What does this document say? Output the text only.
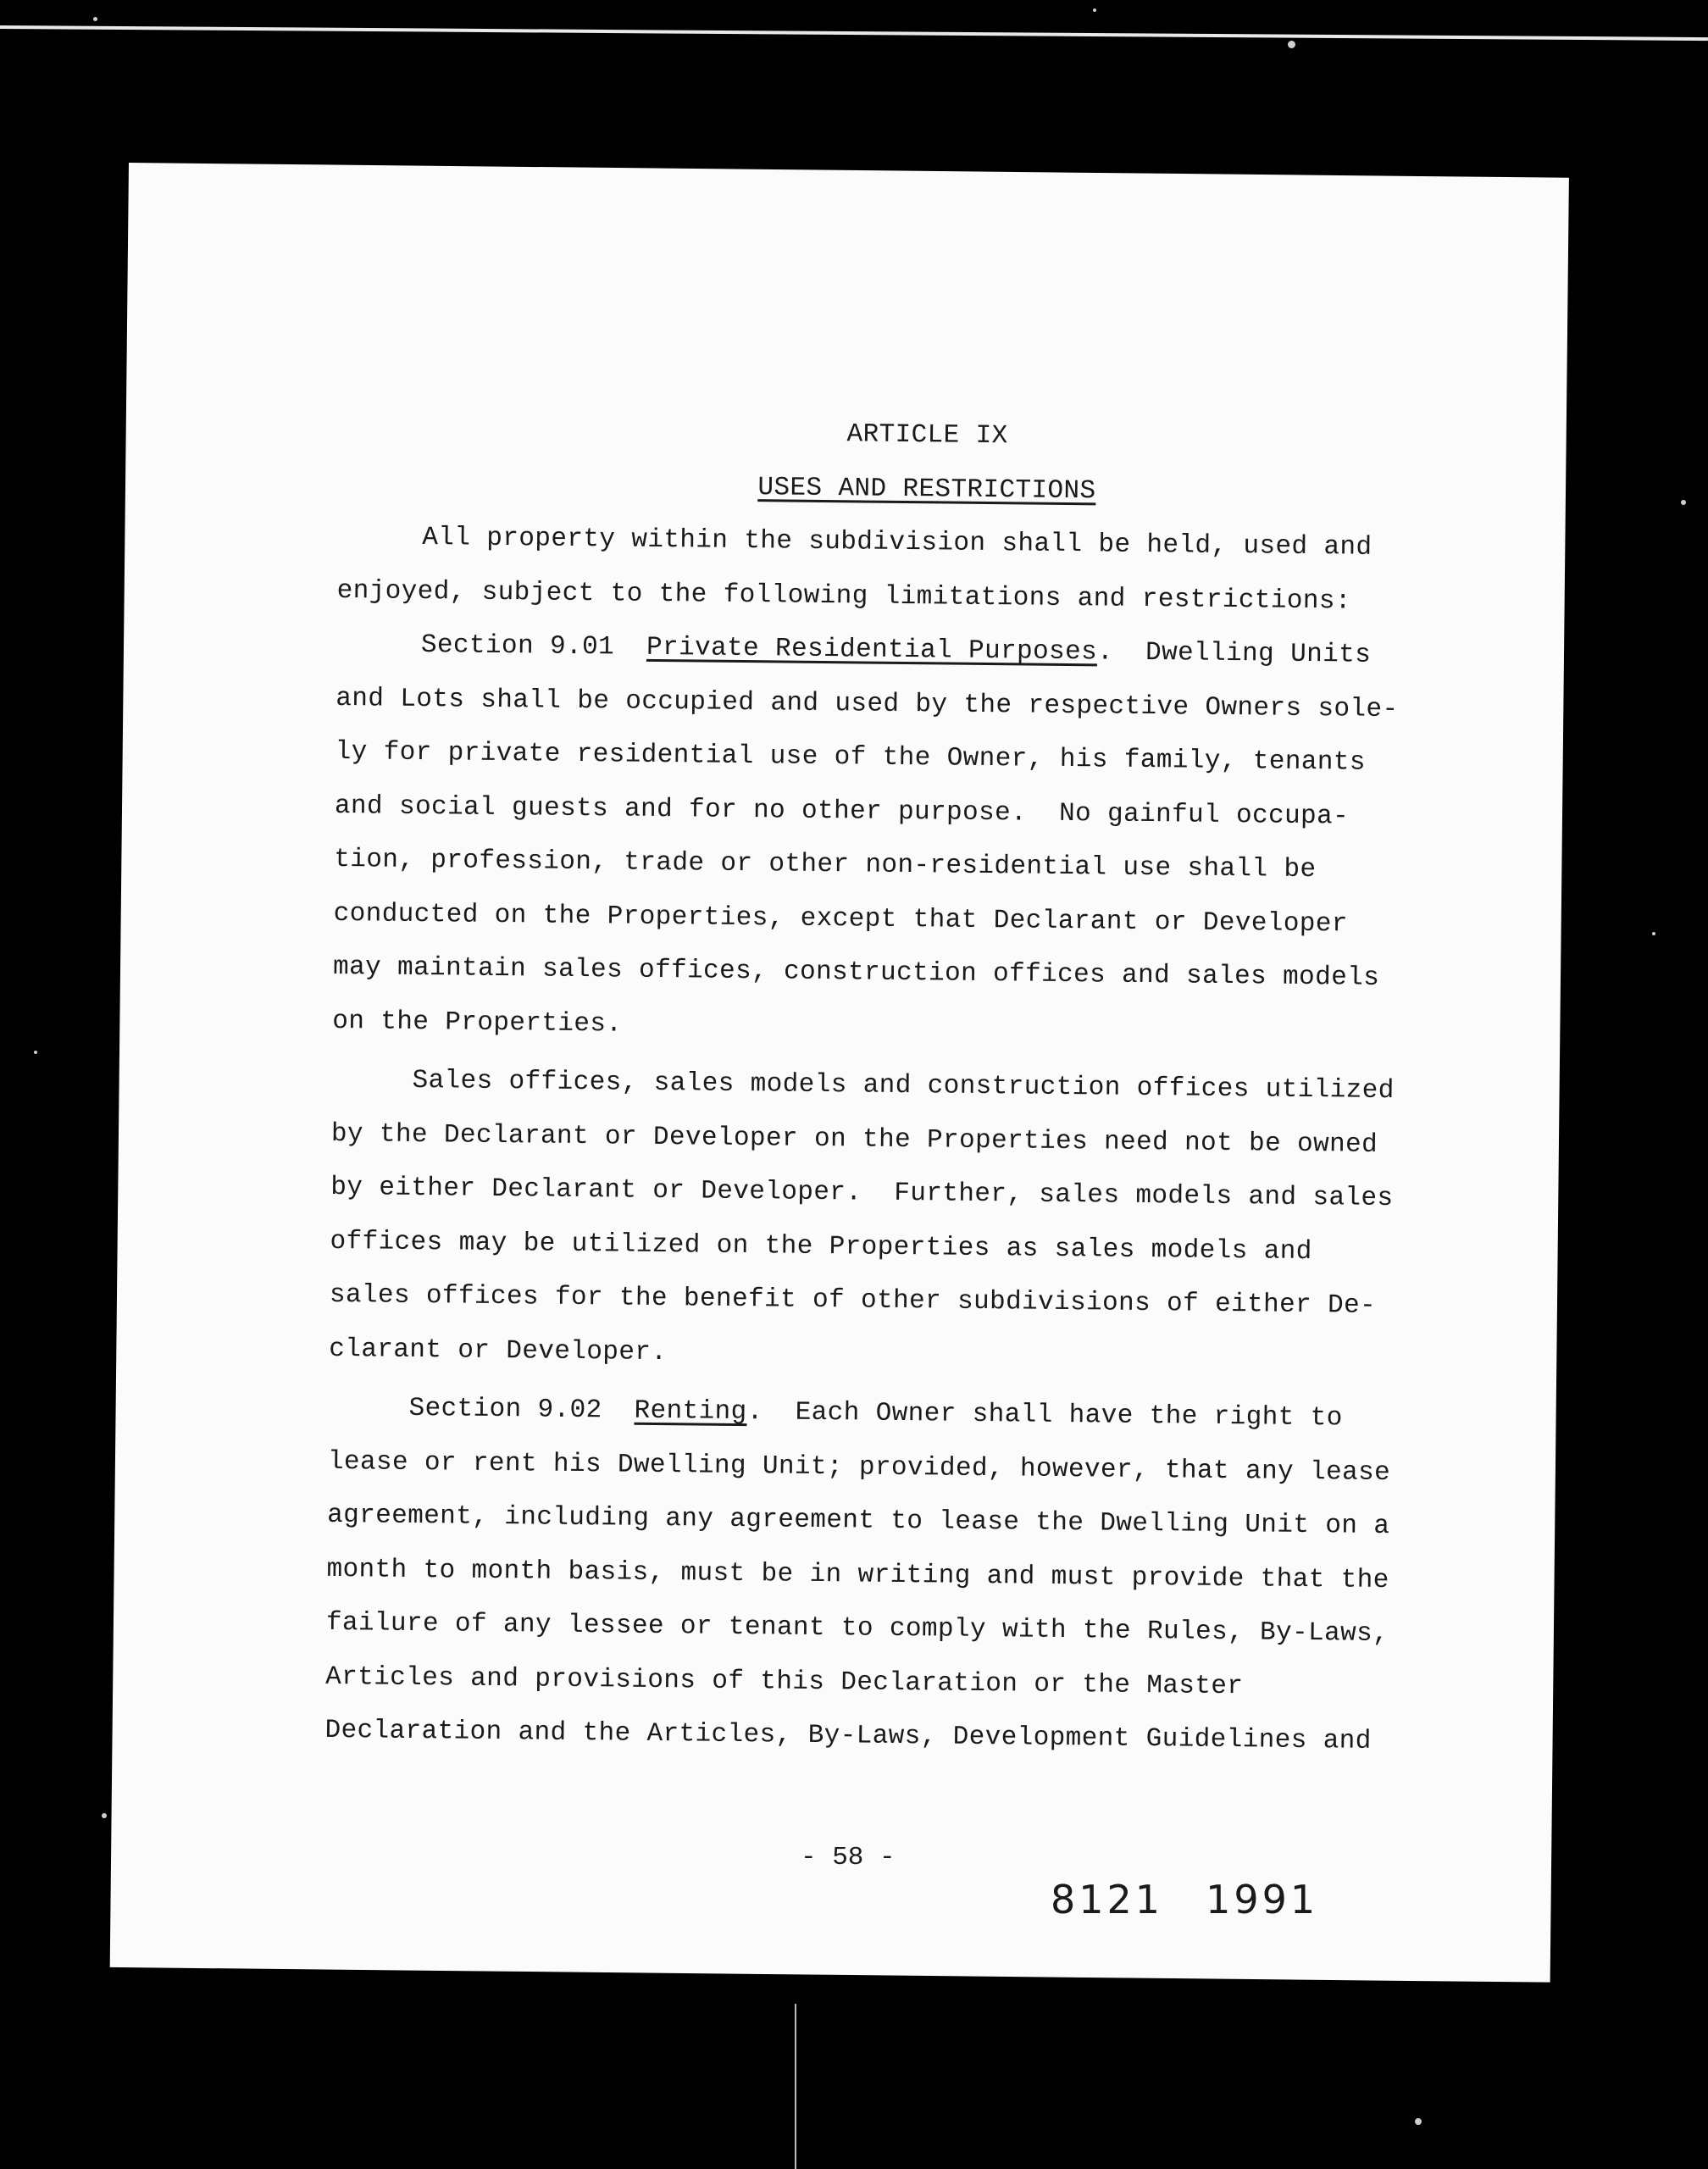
ARTICLE IX
USES AND RESTRICTIONS
All property within the subdivision shall be held, used and
enjoyed, subject to the following limitations and restrictions:
Section 9.01 Private Residential Purposes.  Dwelling Units
and Lots shall be occupied and used by the respective Owners sole-
ly for private residential use of the Owner, his family, tenants
and social guests and for no other purpose.  No gainful occupa-
tion, profession, trade or other non-residential use shall be
conducted on the Properties, except that Declarant or Developer
may maintain sales offices, construction offices and sales models
on the Properties.
Sales offices, sales models and construction offices utilized
by the Declarant or Developer on the Properties need not be owned
by either Declarant or Developer.  Further, sales models and sales
offices may be utilized on the Properties as sales models and
sales offices for the benefit of other subdivisions of either De-
clarant or Developer.
Section 9.02 Renting.  Each Owner shall have the right to
lease or rent his Dwelling Unit; provided, however, that any lease
agreement, including any agreement to lease the Dwelling Unit on a
month to month basis, must be in writing and must provide that the
failure of any lessee or tenant to comply with the Rules, By-Laws,
Articles and provisions of this Declaration or the Master
Declaration and the Articles, By-Laws, Development Guidelines and
- 58 -
8121 1991
